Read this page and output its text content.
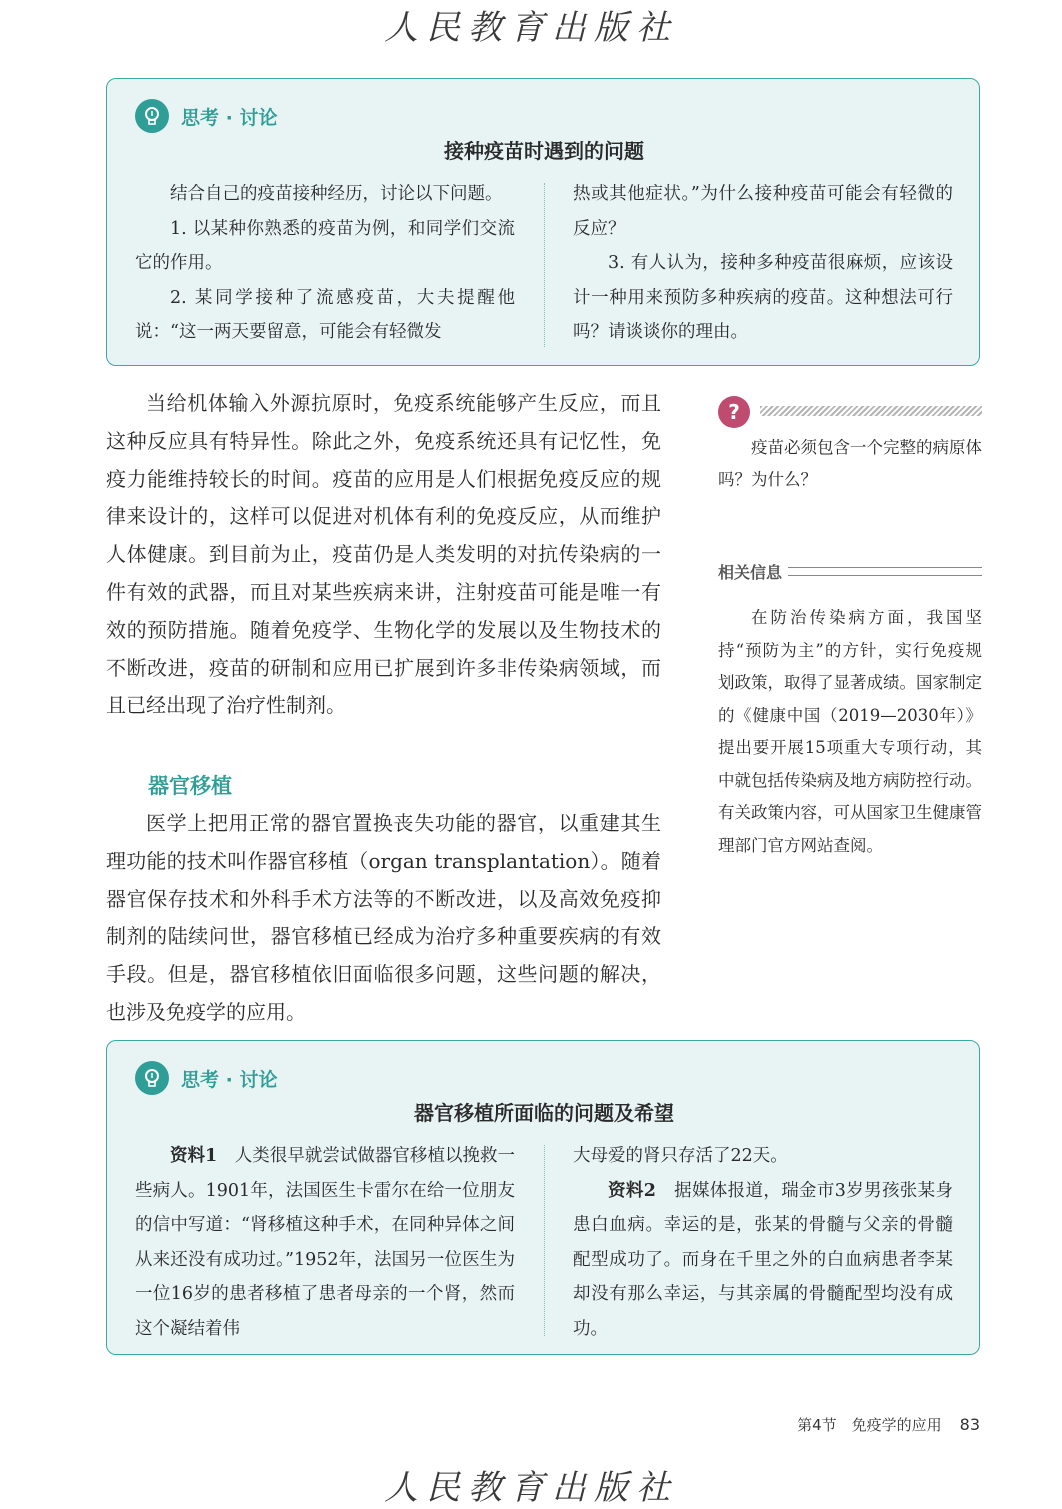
人民教育出版社
思考 · 讨论
接种疫苗时遇到的问题

结合自己的疫苗接种经历，讨论以下问题。

1. 以某种你熟悉的疫苗为例，和同学们交流它的作用。

2. 某同学接种了流感疫苗，大夫提醒他说：“这一两天要留意，可能会有轻微发

热或其他症状。”为什么接种疫苗可能会有轻微的反应？

3. 有人认为，接种多种疫苗很麻烦，应该设计一种用来预防多种疾病的疫苗。这种想法可行吗？请谈谈你的理由。

当给机体输入外源抗原时，免疫系统能够产生反应，而且这种反应具有特异性。除此之外，免疫系统还具有记忆性，免疫力能维持较长的时间。疫苗的应用是人们根据免疫反应的规律来设计的，这样可以促进对机体有利的免疫反应，从而维护人体健康。到目前为止，疫苗仍是人类发明的对抗传染病的一件有效的武器，而且对某些疾病来讲，注射疫苗可能是唯一有效的预防措施。随着免疫学、生物化学的发展以及生物技术的不断改进，疫苗的研制和应用已扩展到许多非传染病领域，而且已经出现了治疗性制剂。

器官移植

医学上把用正常的器官置换丧失功能的器官，以重建其生理功能的技术叫作器官移植（organ transplantation）。随着器官保存技术和外科手术方法等的不断改进，以及高效免疫抑制剂的陆续问世，器官移植已经成为治疗多种重要疾病的有效手段。但是，器官移植依旧面临很多问题，这些问题的解决，也涉及免疫学的应用。

?

疫苗必须包含一个完整的病原体吗？为什么？

相关信息

在防治传染病方面，我国坚持“预防为主”的方针，实行免疫规划政策，取得了显著成绩。国家制定的《健康中国（2019—2030年）》提出要开展15项重大专项行动，其中就包括传染病及地方病防控行动。有关政策内容，可从国家卫生健康管理部门官方网站查阅。

思考 · 讨论
器官移植所面临的问题及希望

资料1　 人类很早就尝试做器官移植以挽救一些病人。1901年，法国医生卡雷尔在给一位朋友的信中写道：“肾移植这种手术，在同种异体之间从来还没有成功过。”1952年，法国另一位医生为一位16岁的患者移植了患者母亲的一个肾，然而这个凝结着伟

大母爱的肾只存活了22天。

资料2　 据媒体报道，瑞金市3岁男孩张某身患白血病。幸运的是，张某的骨髓与父亲的骨髓配型成功了。而身在千里之外的白血病患者李某却没有那么幸运，与其亲属的骨髓配型均没有成功。

第4节　免疫学的应用 83
人民教育出版社
